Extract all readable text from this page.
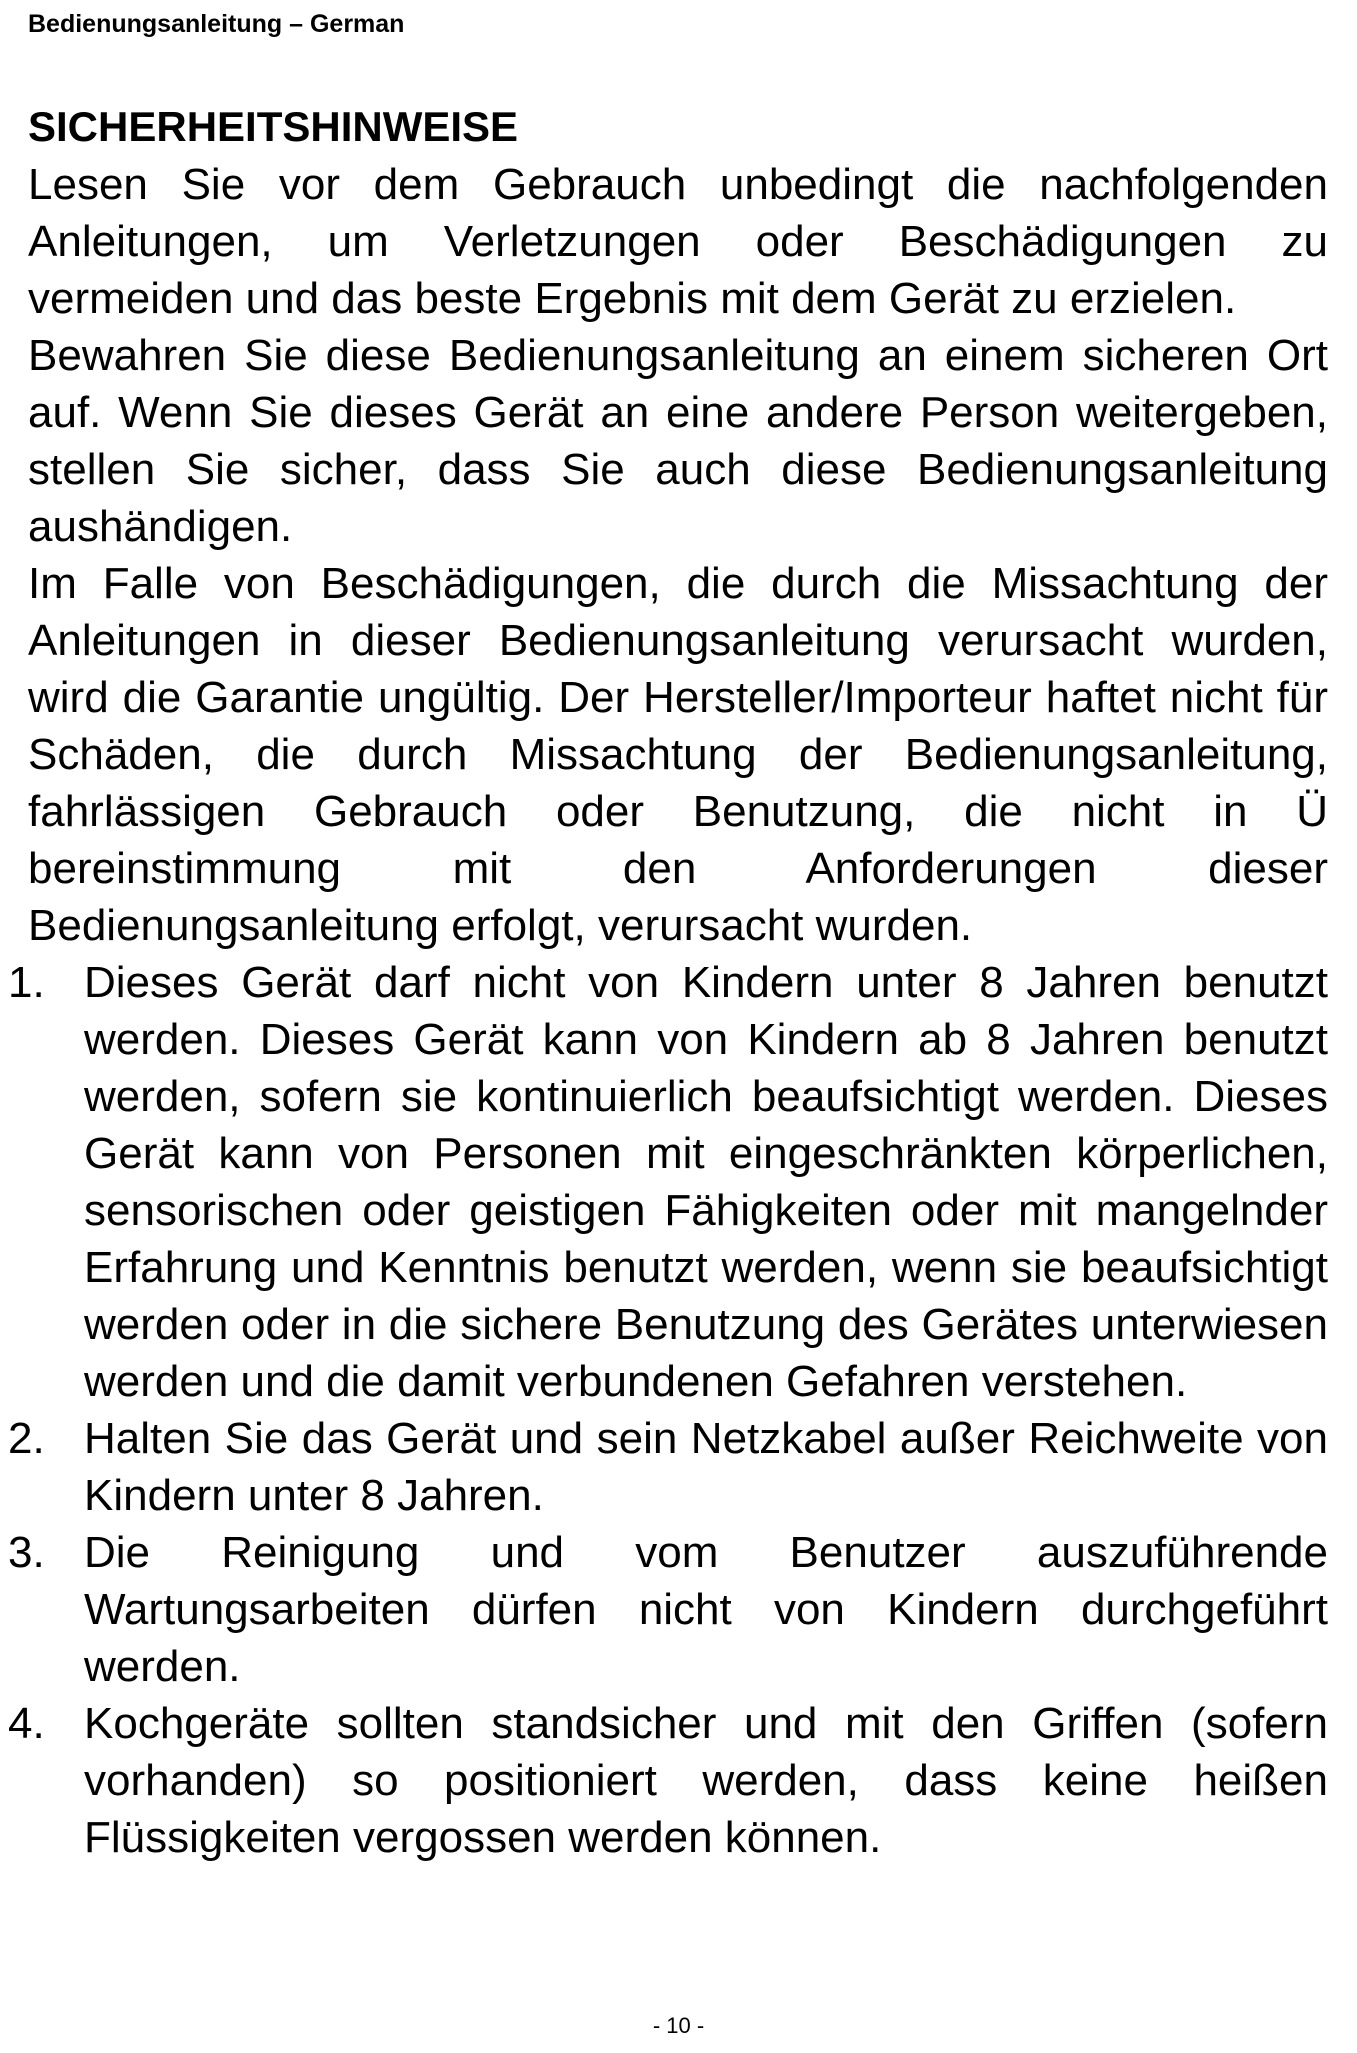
Bedienungsanleitung – German
SICHERHEITSHINWEISE

Lesen Sie vor dem Gebrauch unbedingt die nachfolgenden Anleitungen, um Verletzungen oder Beschädigungen zu vermeiden und das beste Ergebnis mit dem Gerät zu erzielen.

Bewahren Sie diese Bedienungsanleitung an einem sicheren Ort auf. Wenn Sie dieses Gerät an eine andere Person weitergeben, stellen Sie sicher, dass Sie auch diese Bedienungsanleitung aushändigen.

Im Falle von Beschädigungen, die durch die Missachtung der Anleitungen in dieser Bedienungsanleitung verursacht wurden, wird die Garantie ungültig. Der Hersteller/Importeur haftet nicht für Schäden, die durch Missachtung der Bedienungsanleitung, fahrlässigen Gebrauch oder Benutzung, die nicht in Ü bereinstimmung mit den Anforderungen dieser Bedienungsanleitung erfolgt, verursacht wurden.

1. Dieses Gerät darf nicht von Kindern unter 8 Jahren benutzt werden. Dieses Gerät kann von Kindern ab 8 Jahren benutzt werden, sofern sie kontinuierlich beaufsichtigt werden. Dieses Gerät kann von Personen mit eingeschränkten körperlichen, sensorischen oder geistigen Fähigkeiten oder mit mangelnder Erfahrung und Kenntnis benutzt werden, wenn sie beaufsichtigt werden oder in die sichere Benutzung des Gerätes unterwiesen werden und die damit verbundenen Gefahren verstehen.
2. Halten Sie das Gerät und sein Netzkabel außer Reichweite von Kindern unter 8 Jahren.
3. Die Reinigung und vom Benutzer auszuführende Wartungsarbeiten dürfen nicht von Kindern durchgeführt werden.
4. Kochgeräte sollten standsicher und mit den Griffen (sofern vorhanden) so positioniert werden, dass keine heißen Flüssigkeiten vergossen werden können.
- 10 -
